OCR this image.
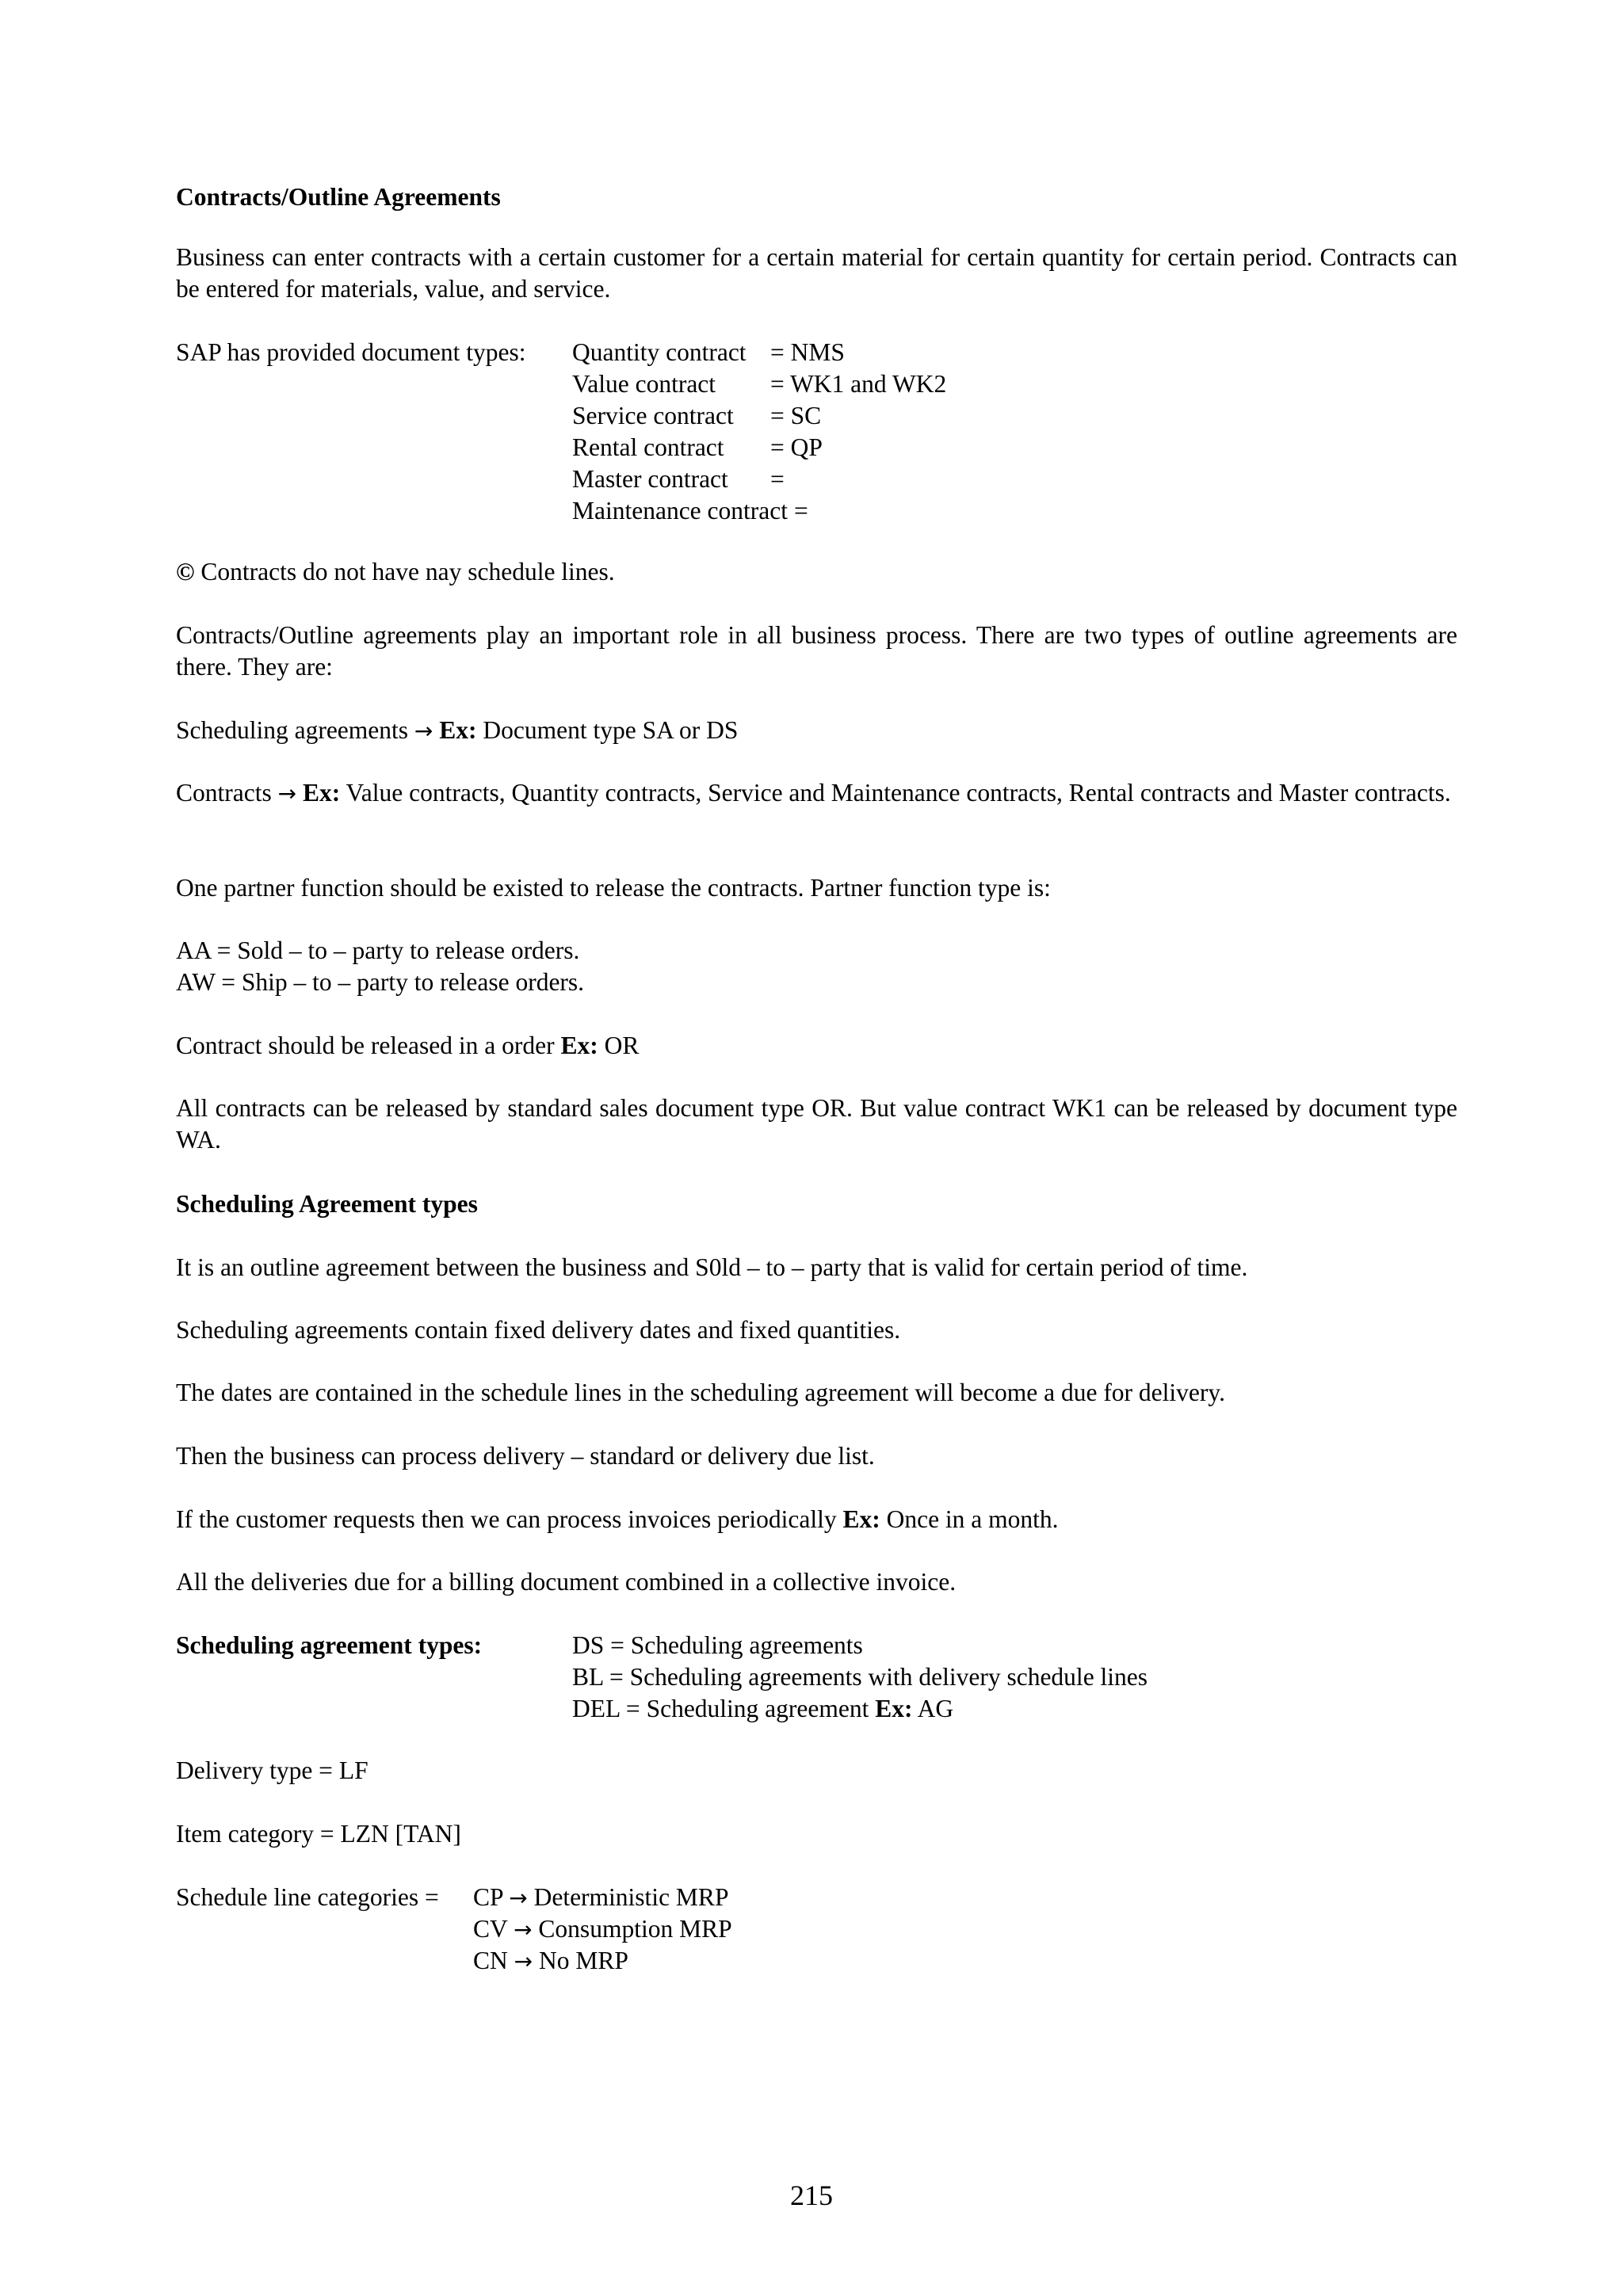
Contracts/Outline Agreements
Business can enter contracts with a certain customer for a certain material for certain quantity for certain period. Contracts can be entered for materials, value, and service.
SAP has provided document types: Quantity contract = NMS
Value contract	= WK1 and WK2
Service contract	= SC
Rental contract	= QP
Master contract	=
Maintenance contract =
© Contracts do not have nay schedule lines.
Contracts/Outline agreements play an important role in all business process. There are two types of outline agreements are there. They are:
Scheduling agreements → Ex: Document type SA or DS
Contracts → Ex: Value contracts, Quantity contracts, Service and Maintenance contracts, Rental contracts and Master contracts.
One partner function should be existed to release the contracts. Partner function type is:
AA = Sold – to – party to release orders.
AW = Ship – to – party to release orders.
Contract should be released in a order Ex: OR
All contracts can be released by standard sales document type OR. But value contract WK1 can be released by document type WA.
Scheduling Agreement types
It is an outline agreement between the business and S0ld – to – party that is valid for certain period of time.
Scheduling agreements contain fixed delivery dates and fixed quantities.
The dates are contained in the schedule lines in the scheduling agreement will become a due for delivery.
Then the business can process delivery – standard or delivery due list.
If the customer requests then we can process invoices periodically Ex: Once in a month.
All the deliveries due for a billing document combined in a collective invoice.
Scheduling agreement types:	DS = Scheduling agreements
BL = Scheduling agreements with delivery schedule lines
DEL = Scheduling agreement Ex: AG
Delivery type = LF
Item category = LZN [TAN]
Schedule line categories = CP → Deterministic MRP
CV → Consumption MRP
CN → No MRP
215
